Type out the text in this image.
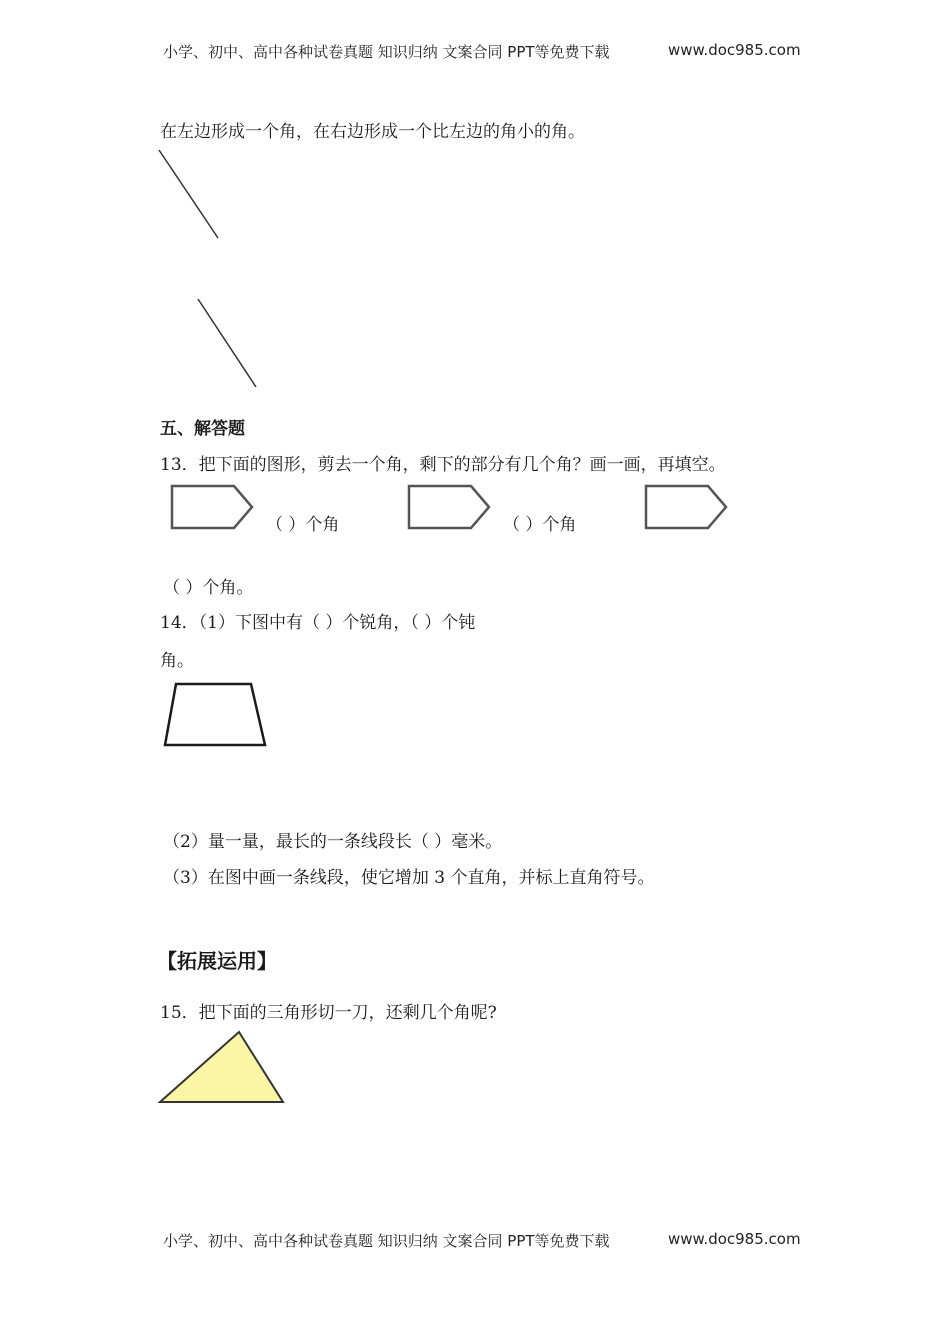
小学、初中、高中各种试卷真题 知识归纳 文案合同 PPT等免费下载	www.doc985.com
在左边形成一个角，在右边形成一个比左边的角小的角。
五、解答题
13．把下面的图形，剪去一个角，剩下的部分有几个角？画一画，再填空。
（ ）个角	（ ）个角
（ ）个角。
14．（1）下图中有（ ）个锐角，（ ）个钝
角。
（2）量一量，最长的一条线段长（ ）毫米。
（3）在图中画一条线段，使它增加 3 个直角，并标上直角符号。
【拓展运用】
15．把下面的三角形切一刀，还剩几个角呢?
小学、初中、高中各种试卷真题 知识归纳 文案合同 PPT等免费下载	www.doc985.com
